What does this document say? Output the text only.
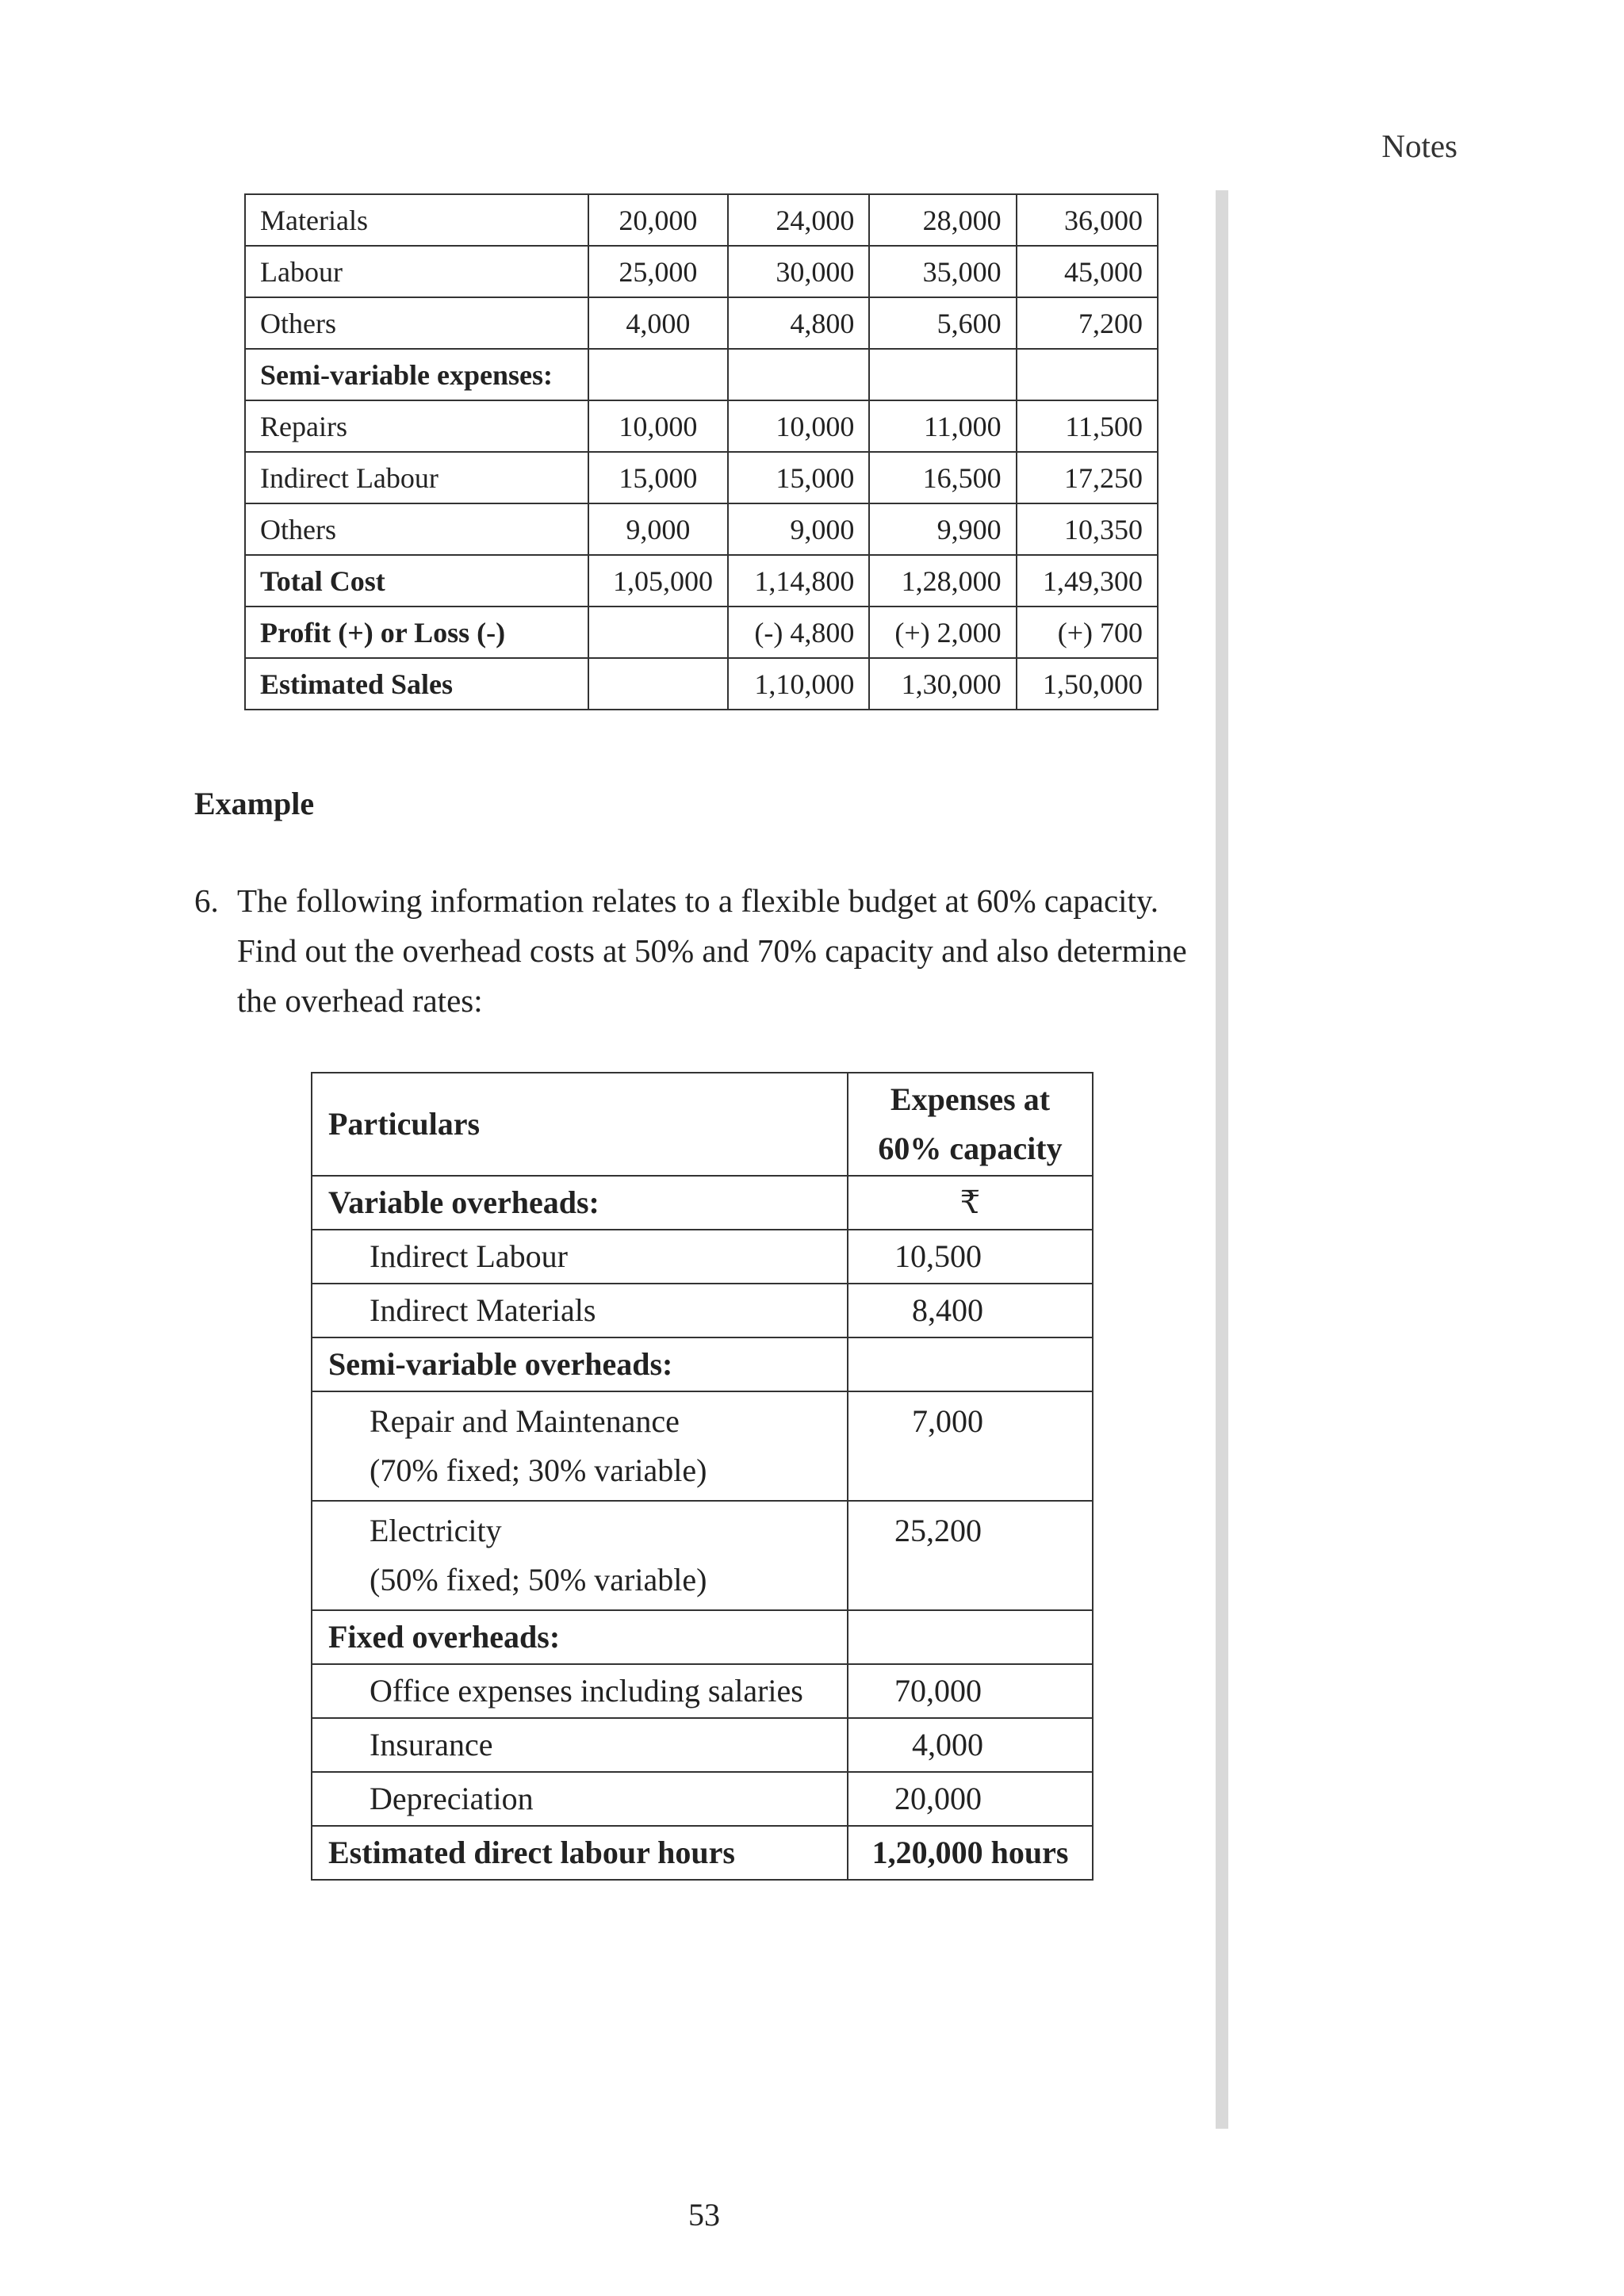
Notes
Materials	20,000	24,000	28,000	36,000
Labour	25,000	30,000	35,000	45,000
Others	4,000	4,800	5,600	7,200
Semi-variable expenses:				
Repairs	10,000	10,000	11,000	11,500
Indirect Labour	15,000	15,000	16,500	17,250
Others	9,000	9,000	9,900	10,350
Total Cost	1,05,000	1,14,800	1,28,000	1,49,300
Profit (+) or Loss (-)		(-) 4,800	(+) 2,000	(+) 700
Estimated Sales		1,10,000	1,30,000	1,50,000
Example
6. The following information relates to a flexible budget at 60% capacity.
Find out the overhead costs at 50% and 70% capacity and also determine
the overhead rates:
Particulars	Expenses at
60% capacity

Variable overheads:	₹
Indirect Labour	10,500
Indirect Materials	8,400
Semi-variable overheads:	

Repair and Maintenance
(70% fixed; 30% variable)	7,000

Electricity
(50% fixed; 50% variable)	25,200
Fixed overheads:	
Office expenses including salaries	70,000
Insurance	4,000
Depreciation	20,000
Estimated direct labour hours	1,20,000 hours
53
